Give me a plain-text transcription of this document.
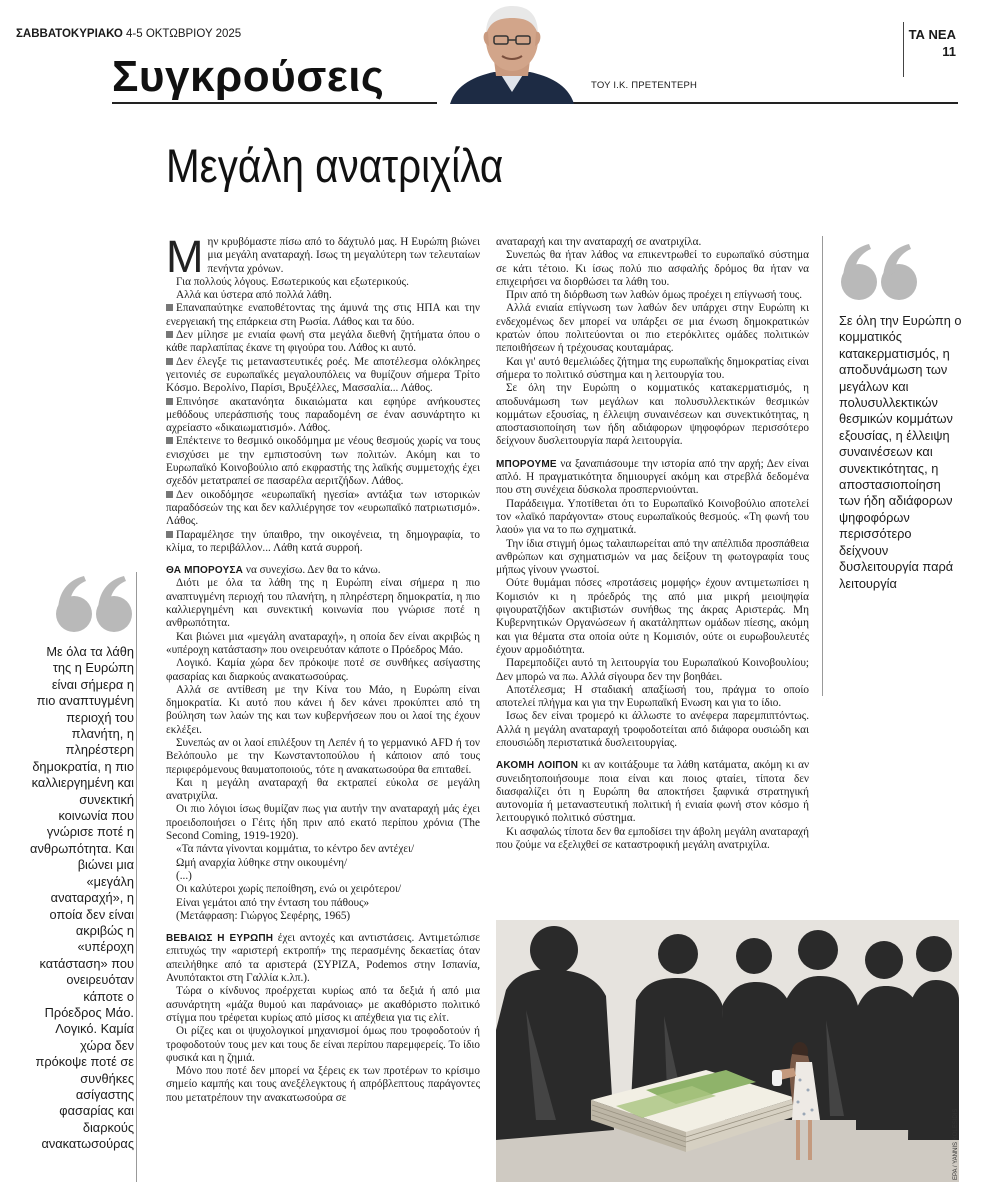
ΣΑΒΒΑΤΟΚΥΡΙΑΚΟ 4-5 ΟΚΤΩΒΡΙΟΥ 2025	ΤΑ ΝΕΑ
11
Συγκρούσεις	ΤΟΥ Ι.Κ. ΠΡΕΤΕΝΤΕΡΗ
Μεγάλη ανατριχίλα
Με όλα τα λάθη της η Ευρώπη είναι σήμερα η πιο αναπτυγμένη περιοχή του πλανήτη, η πληρέστερη δημοκρατία, η πιο καλλιεργημένη και συνεκτική κοινωνία που γνώρισε ποτέ η ανθρωπότητα. Και βιώνει μια «μεγάλη αναταραχή», η οποία δεν είναι ακριβώς η «υπέροχη κατάσταση» που ονειρευόταν κάποτε ο Πρόεδρος Μάο. Λογικό. Καμία χώρα δεν πρόκοψε ποτέ σε συνθήκες ασίγαστης φασαρίας και διαρκούς ανακατωσούρας
Σε όλη την Ευρώπη ο κομματικός κατακερματισμός, η αποδυνάμωση των μεγάλων και πολυσυλλεκτικών θεσμικών κομμάτων εξουσίας, η έλλειψη συναινέσεων και συνεκτικότητας, η αποστασιοποίηση των ήδη αδιάφορων ψηφοφόρων περισσότερο δείχνουν δυσλειτουργία παρά λειτουργία

Μην κρυβόμαστε πίσω από το δάχτυλό μας. Η Ευρώπη βιώνει μια μεγάλη αναταραχή. Ισως τη μεγαλύτερη των τελευταίων πενήντα χρόνων.

Για πολλούς λόγους. Εσωτερικούς και εξωτερικούς.

Αλλά και ύστερα από πολλά λάθη.

Επαναπαύτηκε εναποθέτοντας της άμυνά της στις ΗΠΑ και την ενεργειακή της επάρκεια στη Ρωσία. Λάθος και τα δύο.

Δεν μίλησε με ενιαία φωνή στα μεγάλα διεθνή ζητήματα όπου ο κάθε παρλαπίπας έκανε τη φιγούρα του. Λάθος κι αυτό.

Δεν έλεγξε τις μεταναστευτικές ροές. Με αποτέλεσμα ολόκληρες γειτονιές σε ευρωπαϊκές μεγαλουπόλεις να θυμίζουν σήμερα Τρίτο Κόσμο. Βερολίνο, Παρίσι, Βρυξέλλες, Μασσαλία... Λάθος.

Επινόησε ακατανόητα δικαιώματα και εφηύρε ανήκουστες μεθόδους υπεράσπισής τους παραδομένη σε έναν ασυνάρτητο κι αχρείαστο «δικαιωματισμό». Λάθος.

Επέκτεινε το θεσμικό οικοδόμημα με νέους θεσμούς χωρίς να τους ενισχύσει με την εμπιστοσύνη των πολιτών. Ακόμη και το Ευρωπαϊκό Κοινοβούλιο από εκφραστής της λαϊκής συμμετοχής έχει σχεδόν μετατραπεί σε πασαρέλα αεριτζήδων. Λάθος.

Δεν οικοδόμησε «ευρωπαϊκή ηγεσία» αντάξια των ιστορικών παραδόσεών της και δεν καλλιέργησε τον «ευρωπαϊκό πατριωτισμό». Λάθος.

Παραμέλησε την ύπαιθρο, την οικογένεια, τη δημογραφία, το κλίμα, το περιβάλλον... Λάθη κατά συρροή.

ΘΑ ΜΠΟΡΟΥΣΑ να συνεχίσω. Δεν θα το κάνω.

Διότι με όλα τα λάθη της η Ευρώπη είναι σήμερα η πιο αναπτυγμένη περιοχή του πλανήτη, η πληρέστερη δημοκρατία, η πιο καλλιεργημένη και συνεκτική κοινωνία που γνώρισε ποτέ η ανθρωπότητα.

Και βιώνει μια «μεγάλη αναταραχή», η οποία δεν είναι ακριβώς η «υπέροχη κατάσταση» που ονειρευόταν κάποτε ο Πρόεδρος Μάο.

Λογικό. Καμία χώρα δεν πρόκοψε ποτέ σε συνθήκες ασίγαστης φασαρίας και διαρκούς ανακατωσούρας.

Αλλά σε αντίθεση με την Κίνα του Μάο, η Ευρώπη είναι δημοκρατία. Κι αυτό που κάνει ή δεν κάνει προκύπτει από τη βούληση των λαών της και των κυβερνήσεων που οι λαοί της έχουν εκλέξει.

Συνεπώς αν οι λαοί επιλέξουν τη Λεπέν ή το γερμανικό AFD ή τον Βελόπουλο με την Κωνσταντοπούλου ή κάποιον από τους περιφερόμενους θαυματοποιούς, τότε η ανακατωσούρα θα επιταθεί.

Και η μεγάλη αναταραχή θα εκτραπεί εύκολα σε μεγάλη ανατριχίλα.

Οι πιο λόγιοι ίσως θυμίζαν πως για αυτήν την αναταραχή μάς έχει προειδοποιήσει ο Γέιτς ήδη πριν από εκατό περίπου χρόνια (The Second Coming, 1919-1920).

«Τα πάντα γίνονται κομμάτια, το κέντρο δεν αντέχει/

Ωμή αναρχία λύθηκε στην οικουμένη/

(...)

Οι καλύτεροι χωρίς πεποίθηση, ενώ οι χειρότεροι/

Είναι γεμάτοι από την ένταση του πάθους»

(Μετάφραση: Γιώργος Σεφέρης, 1965)

ΒΕΒΑΙΩΣ Η ΕΥΡΩΠΗ έχει αντοχές και αντιστάσεις. Αντιμετώπισε επιτυχώς την «αριστερή εκτροπή» της περασμένης δεκαετίας όταν απειλήθηκε από τα αριστερά (ΣΥΡΙΖΑ, Podemos στην Ισπανία, Ανυπότακτοι στη Γαλλία κ.λπ.).

Τώρα ο κίνδυνος προέρχεται κυρίως από τα δεξιά ή από μια ασυνάρτητη «μάζα θυμού και παράνοιας» με ακαθόριστο πολιτικό στίγμα που τρέφεται κυρίως από μίσος κι απέχθεια για τις ελίτ.

Οι ρίζες και οι ψυχολογικοί μηχανισμοί όμως που τροφοδοτούν ή τροφοδοτούν τους μεν και τους δε είναι περίπου παρεμφερείς. Το ίδιο φυσικά και η ζημιά.

Μόνο που ποτέ δεν μπορεί να ξέρεις εκ των προτέρων το κρίσιμο σημείο καμπής και τους ανεξέλεγκτους ή απρόβλεπτους παράγοντες που μετατρέπουν την ανακατωσούρα σε

αναταραχή και την αναταραχή σε ανατριχίλα.

Συνεπώς θα ήταν λάθος να επικεντρωθεί το ευρωπαϊκό σύστημα σε κάτι τέτοιο. Κι ίσως πολύ πιο ασφαλής δρόμος θα ήταν να επιχειρήσει να διορθώσει τα λάθη του.

Πριν από τη διόρθωση των λαθών όμως προέχει η επίγνωσή τους.

Αλλά ενιαία επίγνωση των λαθών δεν υπάρχει στην Ευρώπη κι ενδεχομένως δεν μπορεί να υπάρξει σε μια ένωση δημοκρατικών κρατών όπου πολιτεύονται οι πιο ετερόκλιτες ομάδες πολιτικών πεποιθήσεων ή τρέχουσας κουταμάρας.

Και γι' αυτό θεμελιώδες ζήτημα της ευρωπαϊκής δημοκρατίας είναι σήμερα το πολιτικό σύστημα και η λειτουργία του.

Σε όλη την Ευρώπη ο κομματικός κατακερματισμός, η αποδυνάμωση των μεγάλων και πολυσυλλεκτικών θεσμικών κομμάτων εξουσίας, η έλλειψη συναινέσεων και συνεκτικότητας, η αποστασιοποίηση των ήδη αδιάφορων ψηφοφόρων περισσότερο δείχνουν δυσλειτουργία παρά λειτουργία.

ΜΠΟΡΟΥΜΕ να ξαναπιάσουμε την ιστορία από την αρχή; Δεν είναι απλό. Η πραγματικότητα δημιουργεί ακόμη και στρεβλά δεδομένα που στη συνέχεια δύσκολα προσπερνιούνται.

Παράδειγμα. Υποτίθεται ότι το Ευρωπαϊκό Κοινοβούλιο αποτελεί τον «λαϊκό παράγοντα» στους ευρωπαϊκούς θεσμούς. «Τη φωνή του λαού» για να το πω σχηματικά.

Την ίδια στιγμή όμως ταλαιπωρείται από την απέλπιδα προσπάθεια ανθρώπων και σχηματισμών να μας δείξουν τη φωτογραφία τους μήπως γίνουν γνωστοί.

Ούτε θυμάμαι πόσες «προτάσεις μομφής» έχουν αντιμετωπίσει η Κομισιόν κι η πρόεδρός της από μια μικρή μειοψηφία φιγουρατζήδων ακτιβιστών συνήθως της άκρας Αριστεράς. Μη Κυβερνητικών Οργανώσεων ή ακατάληπτων ομάδων πίεσης, ακόμη και για θέματα στα οποία ούτε η Κομισιόν, ούτε οι ευρωβουλευτές έχουν αρμοδιότητα.

Παρεμποδίζει αυτό τη λειτουργία του Ευρωπαϊκού Κοινοβουλίου; Δεν μπορώ να πω. Αλλά σίγουρα δεν την βοηθάει.

Αποτέλεσμα; Η σταδιακή απαξίωσή του, πράγμα το οποίο αποτελεί πλήγμα και για την Ευρωπαϊκή Ενωση και για το ίδιο.

Ισως δεν είναι τρομερό κι άλλωστε το ανέφερα παρεμπιπτόντως. Αλλά η μεγάλη αναταραχή τροφοδοτείται από διάφορα ουσιώδη και επουσιώδη περιστατικά δυσλειτουργίας.

ΑΚΟΜΗ ΛΟΙΠΟΝ κι αν κοιτάξουμε τα λάθη κατάματα, ακόμη κι αν συνειδητοποιήσουμε ποια είναι και ποιος φταίει, τίποτα δεν διασφαλίζει ότι η Ευρώπη θα αποκτήσει ξαφνικά στρατηγική αυτονομία ή μεταναστευτική πολιτική ή ενιαία φωνή στον κόσμο ή λειτουργικό πολιτικό σύστημα.

Κι ασφαλώς τίποτα δεν θα εμποδίσει την άβολη μεγάλη αναταραχή που ζούμε να εξελιχθεί σε καταστροφική μεγάλη ανατριχίλα.

EPA / YANNIS KOLESIDIS
